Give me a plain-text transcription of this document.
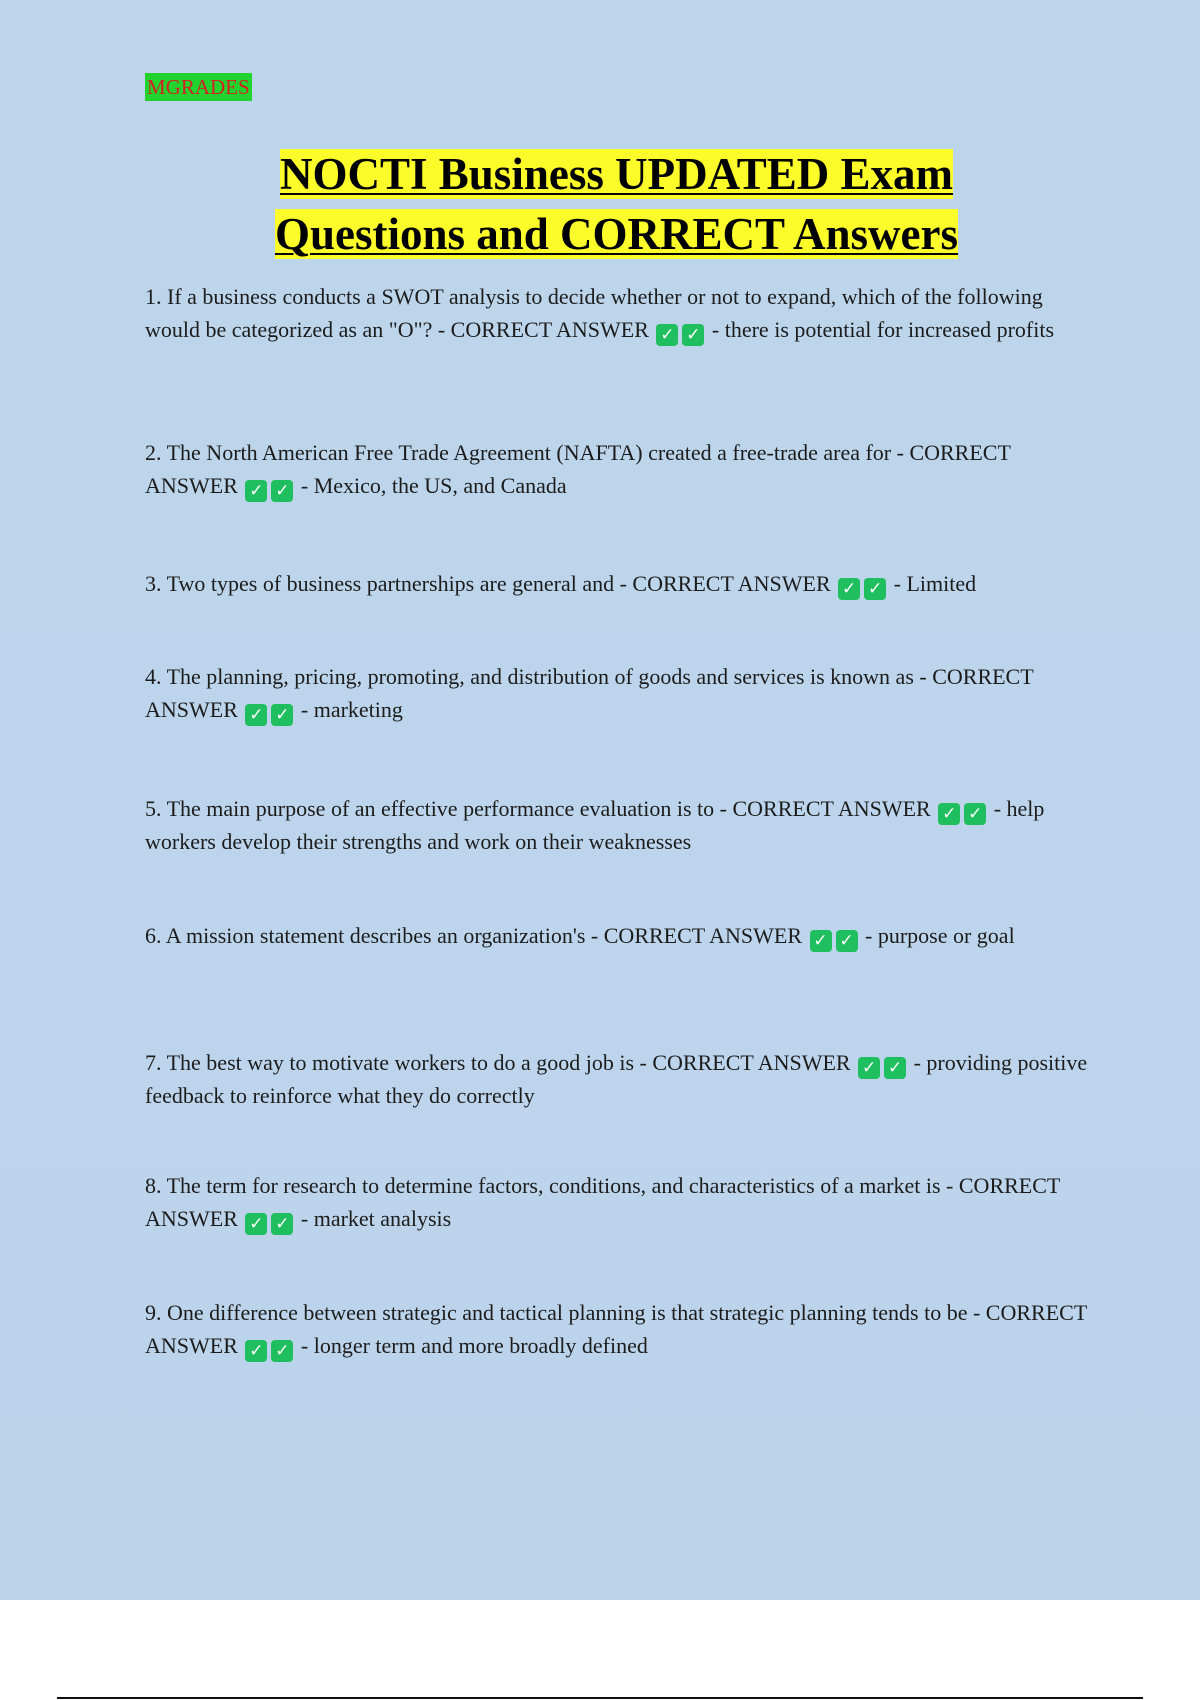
MGRADES
NOCTI Business UPDATED Exam
Questions and CORRECT Answers
1. If a business conducts a SWOT analysis to decide whether or not to expand, which of the following would be categorized as an "O"? - CORRECT ANSWER ✓ ✓ - there is potential for increased profits
2. The North American Free Trade Agreement (NAFTA) created a free-trade area for - CORRECT ANSWER ✓ ✓ - Mexico, the US, and Canada
3. Two types of business partnerships are general and - CORRECT ANSWER ✓ ✓ - Limited
4. The planning, pricing, promoting, and distribution of goods and services is known as - CORRECT ANSWER ✓ ✓ - marketing
5. The main purpose of an effective performance evaluation is to - CORRECT ANSWER ✓ ✓ - help workers develop their strengths and work on their weaknesses
6. A mission statement describes an organization's - CORRECT ANSWER ✓ ✓ - purpose or goal
7. The best way to motivate workers to do a good job is - CORRECT ANSWER ✓ ✓ - providing positive feedback to reinforce what they do correctly
8. The term for research to determine factors, conditions, and characteristics of a market is - CORRECT ANSWER ✓ ✓ - market analysis
9. One difference between strategic and tactical planning is that strategic planning tends to be - CORRECT ANSWER ✓ ✓ - longer term and more broadly defined
